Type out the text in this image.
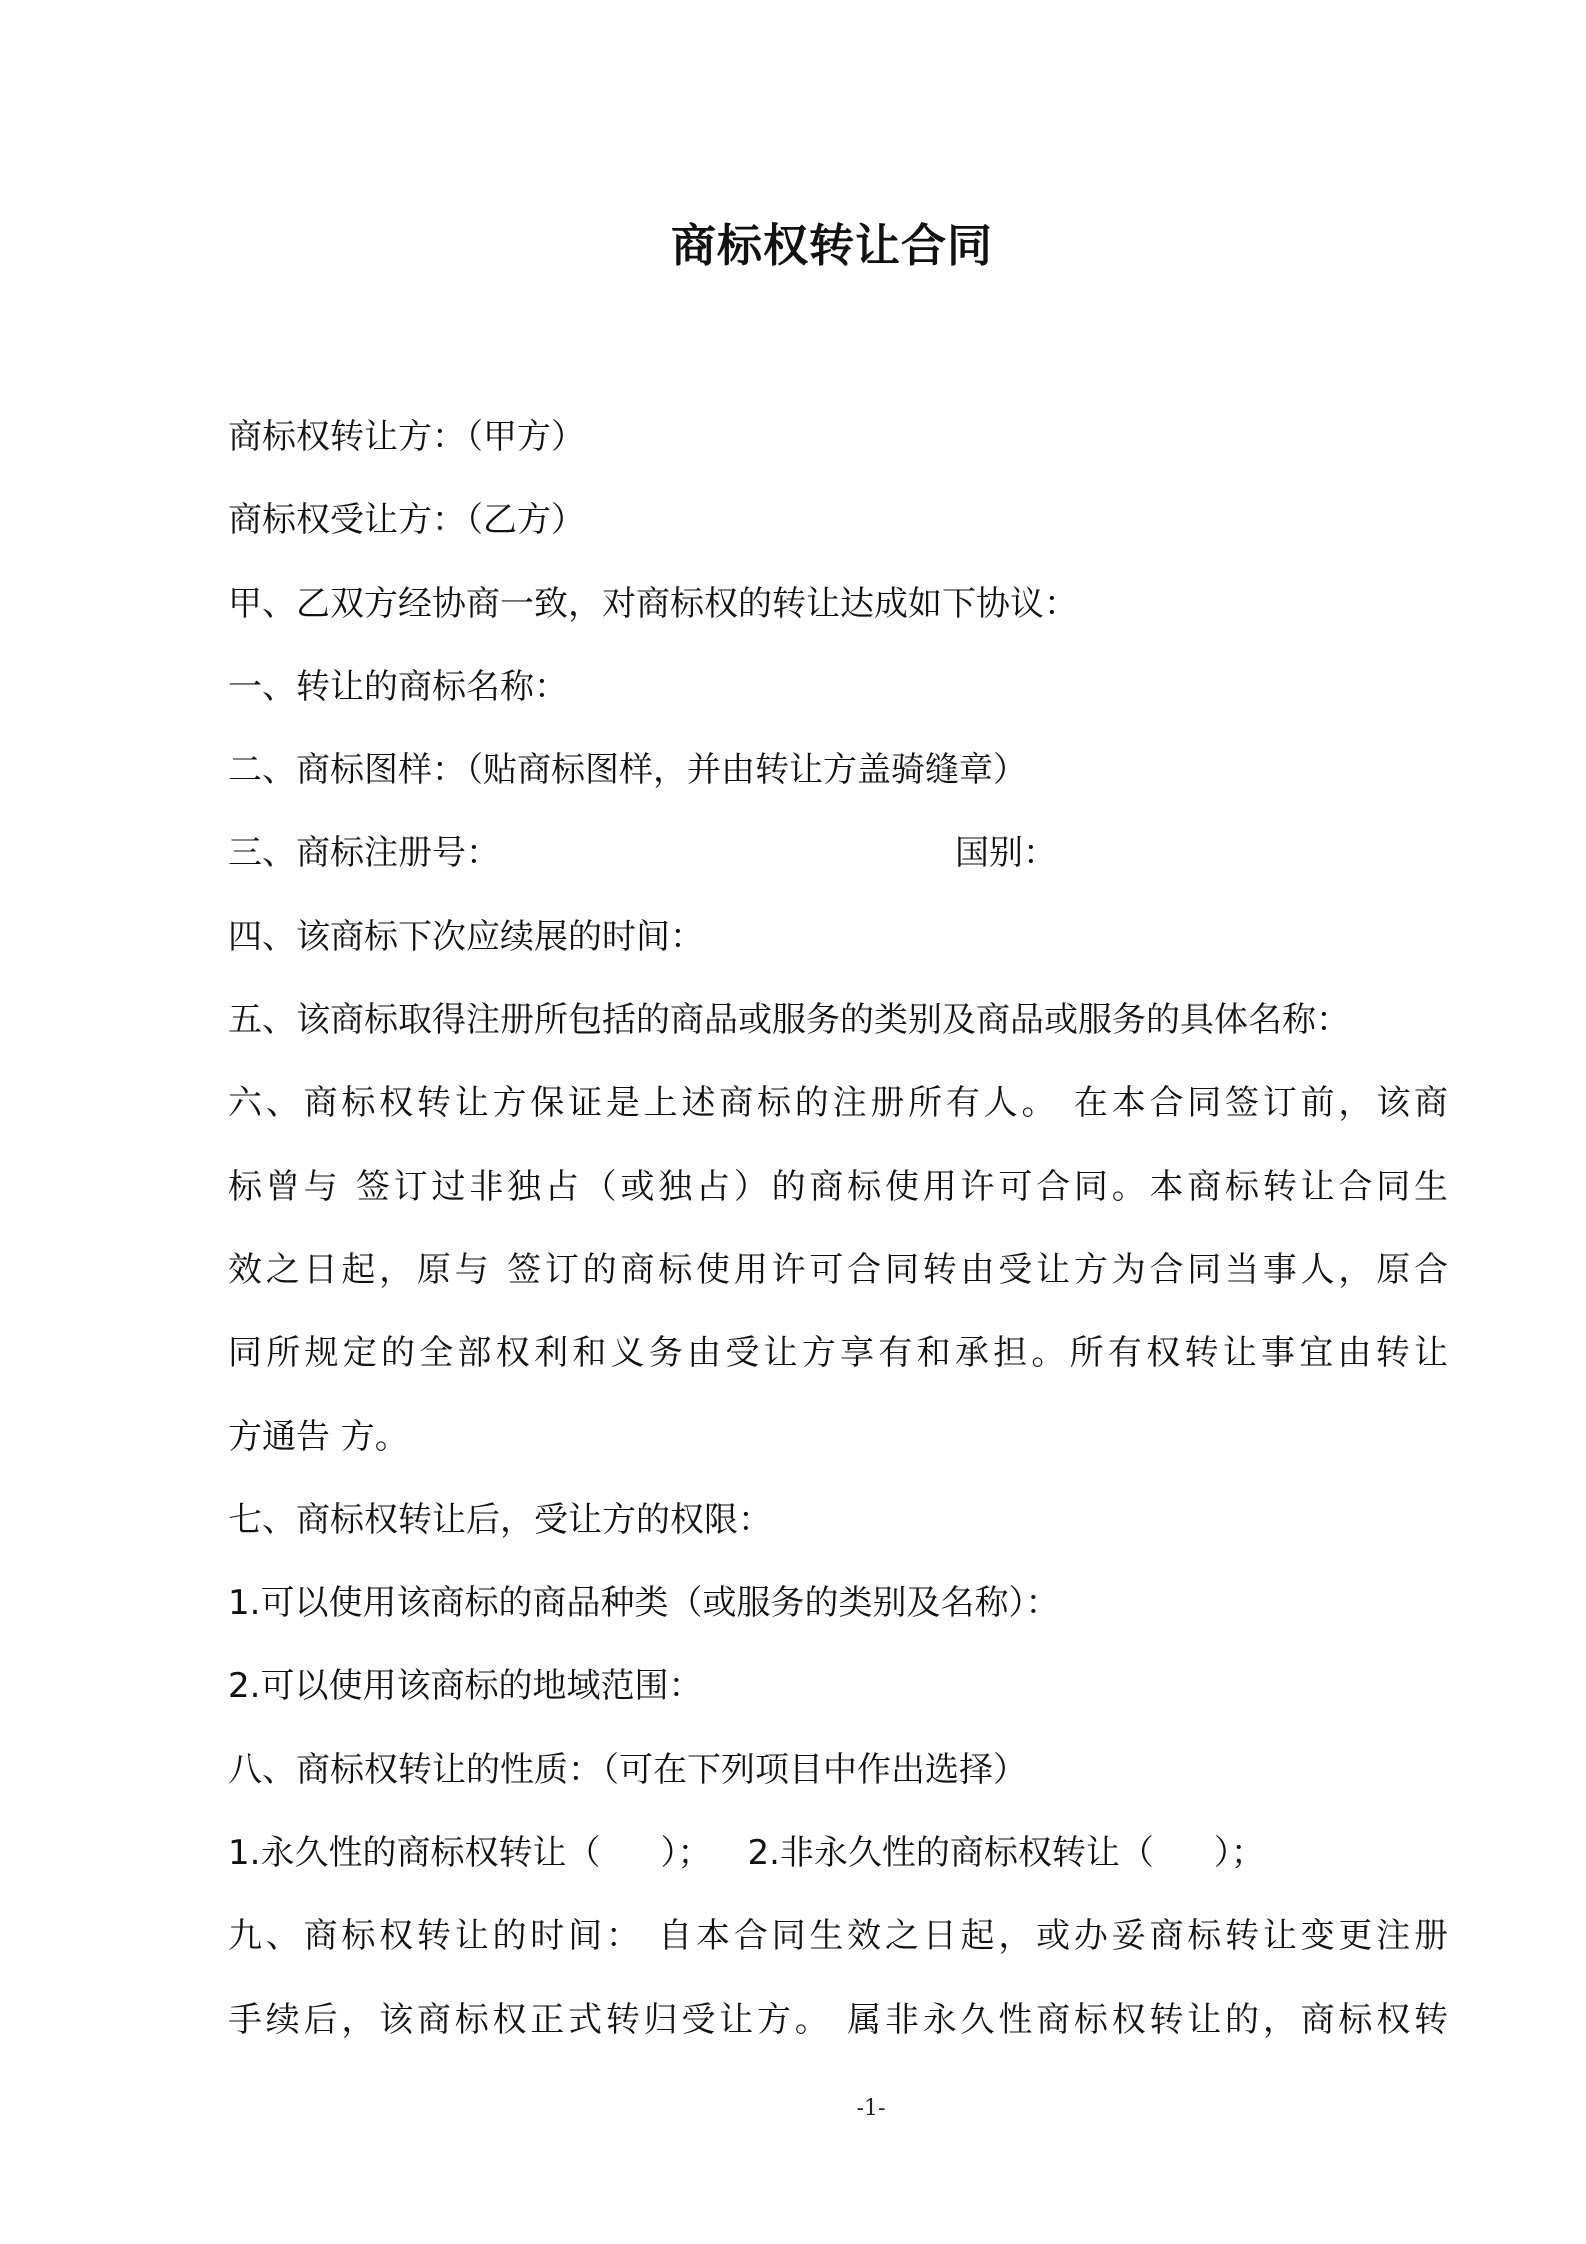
商标权转让合同
商标权转让方：（甲方）
商标权受让方：（乙方）
甲、乙双方经协商一致，对商标权的转让达成如下协议：
一、转让的商标名称：
二、商标图样：（贴商标图样，并由转让方盖骑缝章）
三、商标注册号：	国别：
四、该商标下次应续展的时间：
五、该商标取得注册所包括的商品或服务的类别及商品或服务的具体名称：
六、商标权转让方保证是上述商标的注册所有人。 在本合同签订前，该商
标曾与 签订过非独占（或独占）的商标使用许可合同。本商标转让合同生
效之日起，原与 签订的商标使用许可合同转由受让方为合同当事人，原合
同所规定的全部权利和义务由受让方享有和承担。所有权转让事宜由转让
方通告 方。
七、商标权转让后，受让方的权限：
1.可以使用该商标的商品种类（或服务的类别及名称）：
2.可以使用该商标的地域范围：
八、商标权转让的性质：（可在下列项目中作出选择）
1.永久性的商标权转让（ ）； 2.非永久性的商标权转让（ ）；
九、商标权转让的时间： 自本合同生效之日起，或办妥商标转让变更注册
手续后，该商标权正式转归受让方。 属非永久性商标权转让的，商标权转
-1-
